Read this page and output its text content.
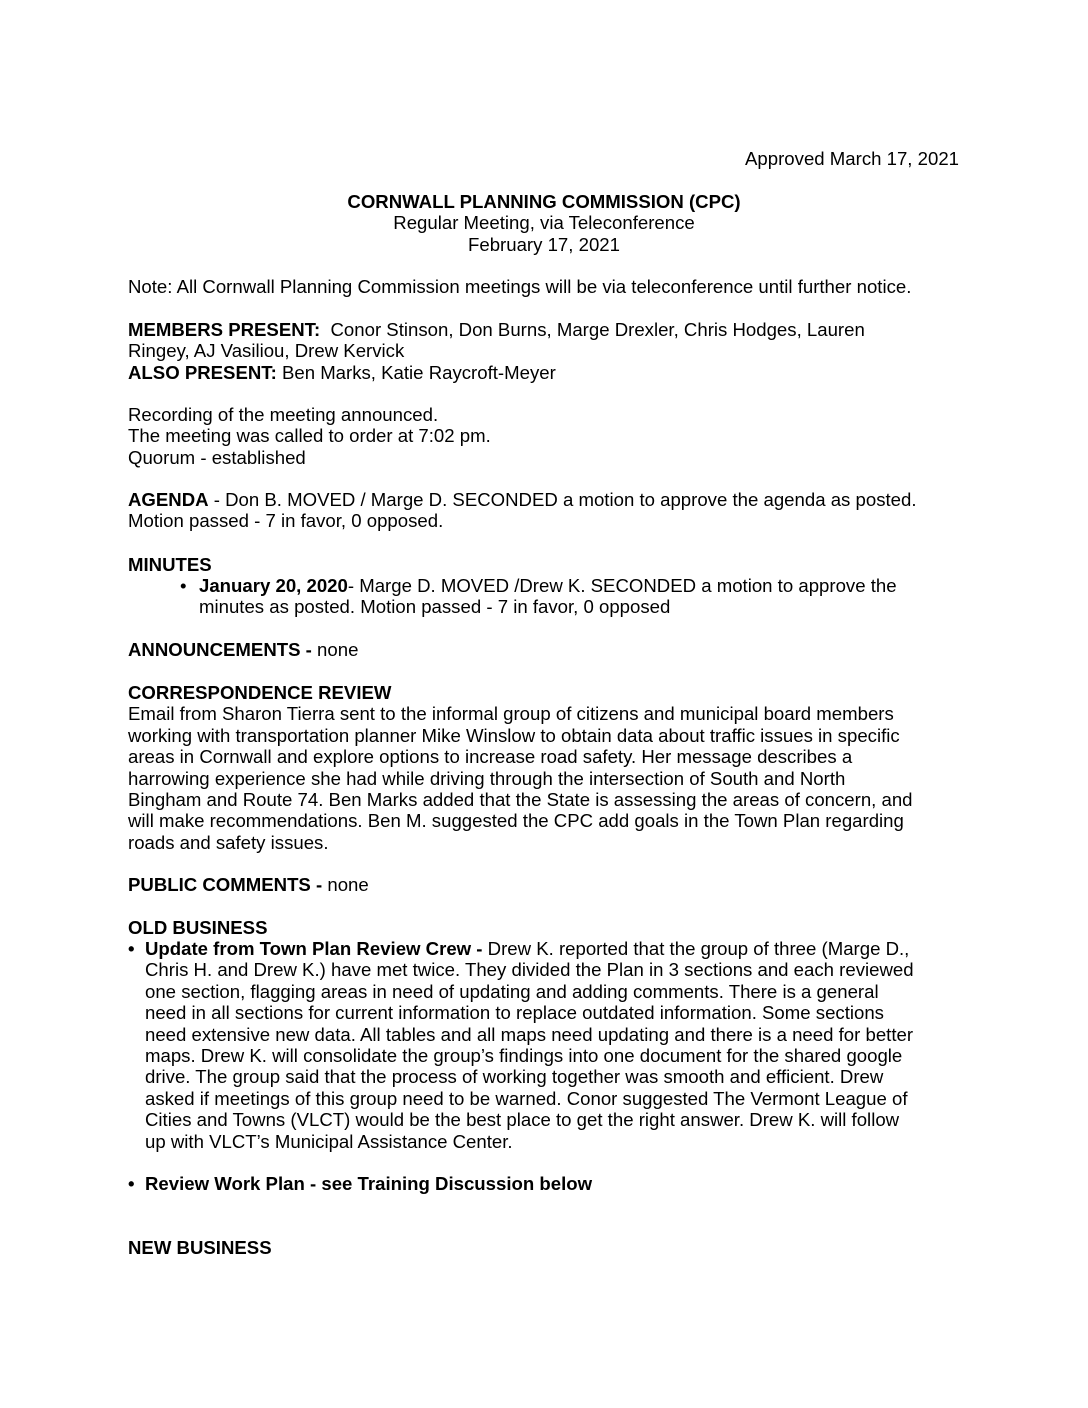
Approved March 17, 2021
CORNWALL PLANNING COMMISSION (CPC)
Regular Meeting, via Teleconference
February 17, 2021
Note: All Cornwall Planning Commission meetings will be via teleconference until further notice.

MEMBERS PRESENT:  Conor Stinson, Don Burns, Marge Drexler, Chris Hodges, Lauren

Ringey, AJ Vasiliou, Drew Kervick

ALSO PRESENT: Ben Marks, Katie Raycroft-Meyer

Recording of the meeting announced.

The meeting was called to order at 7:02 pm.

Quorum - established

AGENDA - Don B. MOVED / Marge D. SECONDED a motion to approve the agenda as posted.

Motion passed - 7 in favor, 0 opposed.

MINUTES
• January 20, 2020- Marge D. MOVED /Drew K. SECONDED a motion to approve the

minutes as posted. Motion passed - 7 in favor, 0 opposed

ANNOUNCEMENTS - none

CORRESPONDENCE REVIEW

Email from Sharon Tierra sent to the informal group of citizens and municipal board members

working with transportation planner Mike Winslow to obtain data about traffic issues in specific

areas in Cornwall and explore options to increase road safety. Her message describes a

harrowing experience she had while driving through the intersection of South and North

Bingham and Route 74. Ben Marks added that the State is assessing the areas of concern, and

will make recommendations. Ben M. suggested the CPC add goals in the Town Plan regarding

roads and safety issues.

PUBLIC COMMENTS - none
OLD BUSINESS
• Update from Town Plan Review Crew - Drew K. reported that the group of three (Marge D.,

Chris H. and Drew K.) have met twice. They divided the Plan in 3 sections and each reviewed

one section, flagging areas in need of updating and adding comments. There is a general

need in all sections for current information to replace outdated information. Some sections

need extensive new data. All tables and all maps need updating and there is a need for better

maps. Drew K. will consolidate the group’s findings into one document for the shared google

drive. The group said that the process of working together was smooth and efficient. Drew

asked if meetings of this group need to be warned. Conor suggested The Vermont League of

Cities and Towns (VLCT) would be the best place to get the right answer. Drew K. will follow

up with VLCT’s Municipal Assistance Center.

• Review Work Plan - see Training Discussion below
NEW BUSINESS
